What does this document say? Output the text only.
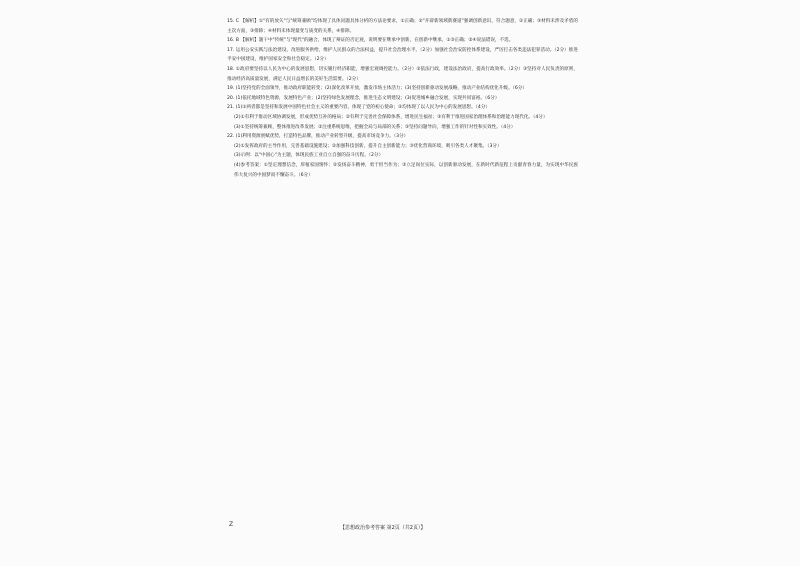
15. C 【解析】①"有的放矢"与"统筹兼顾"均体现了具体问题具体分析的方法论要求，①正确；②"开辟新领域新赛道"强调创新意识，符合题意，②正确；③材料未涉及矛盾的主次方面，③排除；④材料未体现量变与质变的关系，④排除。

16. B 【解析】题干中"传统"与"现代"的融合，体现了辩证的否定观，说明要在继承中创新，在创新中继承，①③正确；②④说法错误，不选。

17. 运用公安实践与法治建设，改进服务供给，维护人民群众的合法权益，提升社会治理水平。（2分）加强社会治安防控体系建设，严厉打击各类违法犯罪活动。（2分）推进平安中国建设，维护国家安全和社会稳定。（2分）

18. ①政府要坚持以人民为中心的发展思想，切实履行经济职能，增强宏观调控能力。（2分）②依法行政，建设法治政府，提高行政效率。（2分）③坚持对人民负责的原则，推动经济高质量发展，满足人民日益增长的美好生活需要。（2分）

19. (1)坚持党的全面领导，推动政府职能转变；(2)深化改革开放，激发市场主体活力；(3)坚持创新驱动发展战略，推动产业结构优化升级。（6分）

20. (1)依托地域特色资源，发展特色产业；(2)坚持绿色发展理念，推进生态文明建设；(3)促进城乡融合发展，实现共同富裕。（6分）

21. (1)①两者都是坚持和发展中国特色社会主义的重要内容，体现了党的初心使命；②均体现了以人民为中心的发展思想。（4分）

(2)①有利于推动区域协调发展，形成优势互补的格局；②有利于完善社会保障体系，增进民生福祉；③有利于推进国家治理体系和治理能力现代化。（4分）

(3)①坚持统筹兼顾，整体推进改革发展；②注重系统思维，把握全局与局部的关系；③坚持问题导向，增强工作的针对性和实效性。（4分）

22. (1)利用资源禀赋优势，打造特色品牌，推动产业转型升级，提高市场竞争力。（3分）

(2)①发挥政府的主导作用，完善基础设施建设；②加强科技创新，提升自主创新能力；③优化营商环境，吸引各类人才聚集。（3分）

(3)示例：以"中国心"为主题，体现民族工业自立自强的奋斗历程。（2分）

(4)参考答案：①坚定理想信念，厚植家国情怀；②发扬奋斗精神，勇于担当作为；③立足岗位实际，以创新驱动发展，在新时代新征程上贡献青春力量，为实现中华民族伟大复兴的中国梦而不懈奋斗。（6分）

Z	【思想政治参考答案 第2页（共2页）】
